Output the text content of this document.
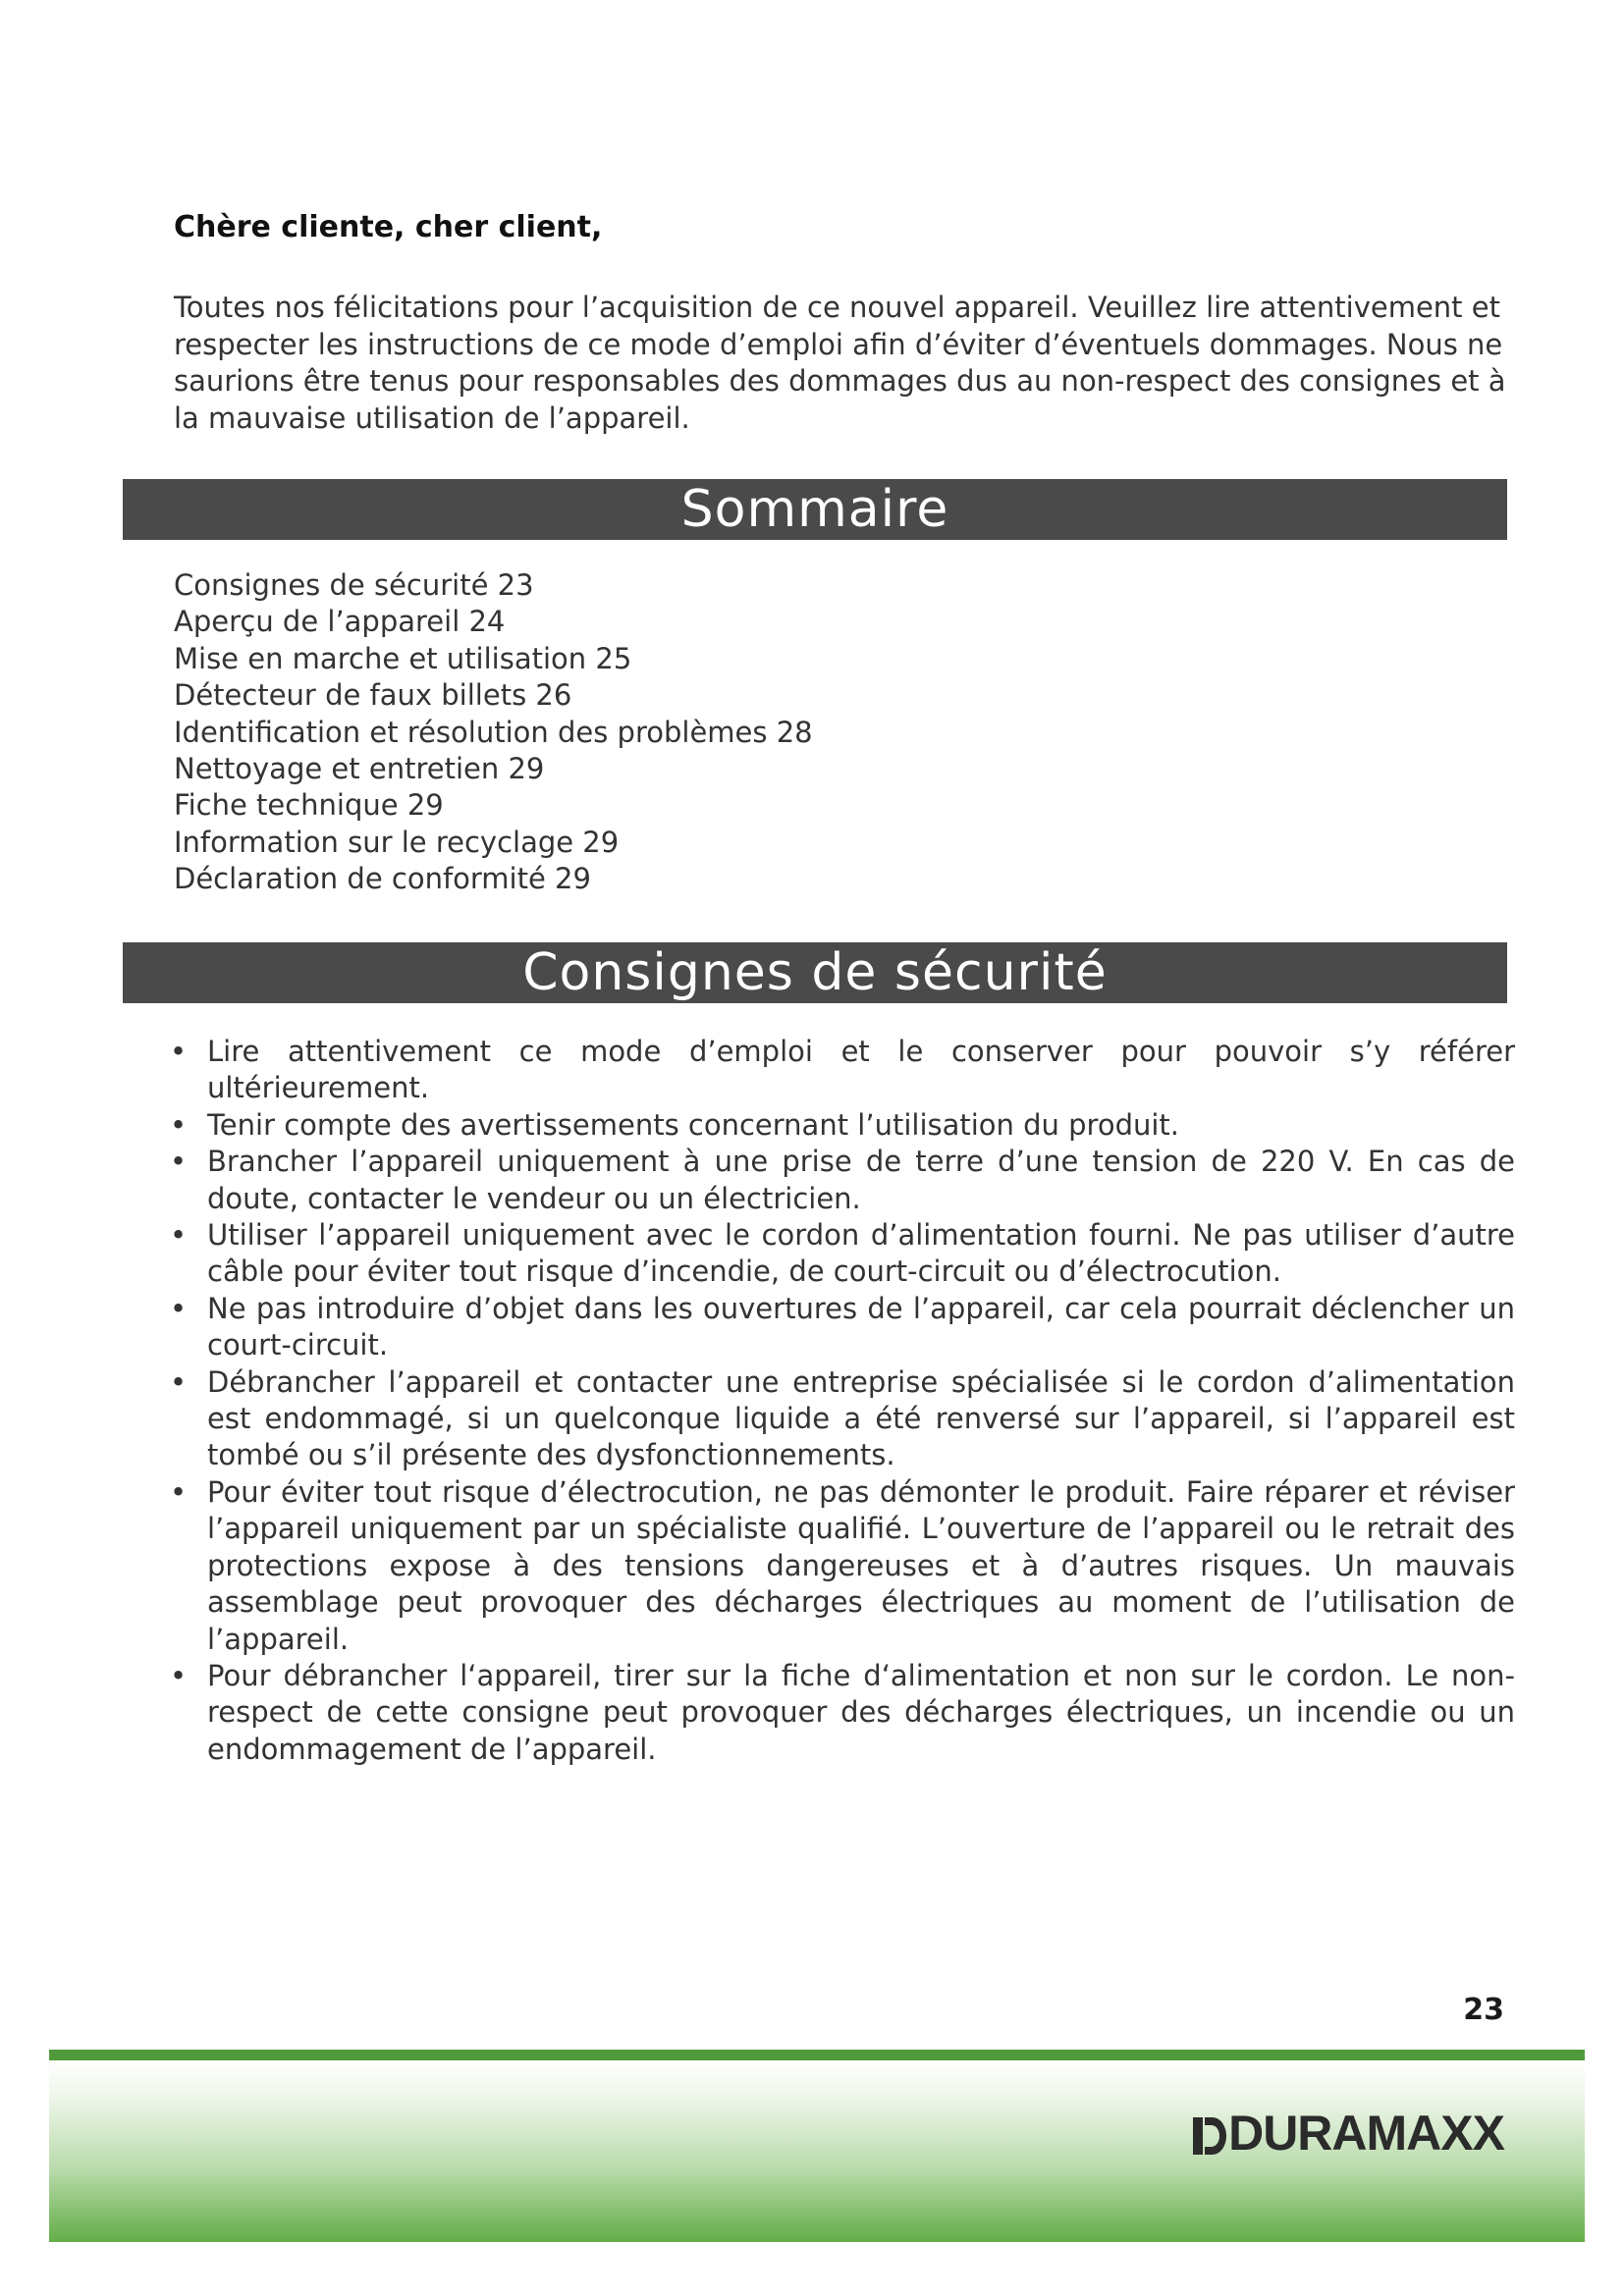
Chère cliente, cher client,

Toutes nos félicitations pour l’acquisition de ce nouvel appareil. Veuillez lire attentivement et respecter les instructions de ce mode d’emploi afin d’éviter d’éventuels dommages. Nous ne saurions être tenus pour responsables des dommages dus au non-respect des consignes et à la mauvaise utilisation de l’appareil.

Sommaire
Consignes de sécurité 23
Aperçu de l’appareil 24
Mise en marche et utilisation 25
Détecteur de faux billets 26
Identification et résolution des problèmes 28
Nettoyage et entretien 29
Fiche technique 29
Information sur le recyclage 29
Déclaration de conformité 29
Consignes de sécurité
• Lire attentivement ce mode d’emploi et le conserver pour pouvoir s’y référer ultérieurement.
• Tenir compte des avertissements concernant l’utilisation du produit.
• Brancher l’appareil uniquement à une prise de terre d’une tension de 220 V. En cas de doute, contacter le vendeur ou un électricien.
• Utiliser l’appareil uniquement avec le cordon d’alimentation fourni. Ne pas utiliser d’autre câble pour éviter tout risque d’incendie, de court-circuit ou d’électrocution.
• Ne pas introduire d’objet dans les ouvertures de l’appareil, car cela pourrait déclencher un court-circuit.
• Débrancher l’appareil et contacter une entreprise spécialisée si le cordon d’alimentation est endommagé, si un quelconque liquide a été renversé sur l’appareil, si l’appareil est tombé ou s’il présente des dysfonctionnements.
• Pour éviter tout risque d’électrocution, ne pas démonter le produit. Faire réparer et réviser l’appareil uniquement par un spécialiste qualifié. L’ouverture de l’appareil ou le retrait des protections expose à des tensions dangereuses et à d’autres risques. Un mauvais assemblage peut provoquer des décharges électriques au moment de l’utilisation de l’appareil.
• Pour débrancher l‘appareil, tirer sur la fiche d‘alimentation et non sur le cordon. Le non-respect de cette consigne peut provoquer des décharges électriques, un incendie ou un endommagement de l’appareil.
23
DURAMAXX
